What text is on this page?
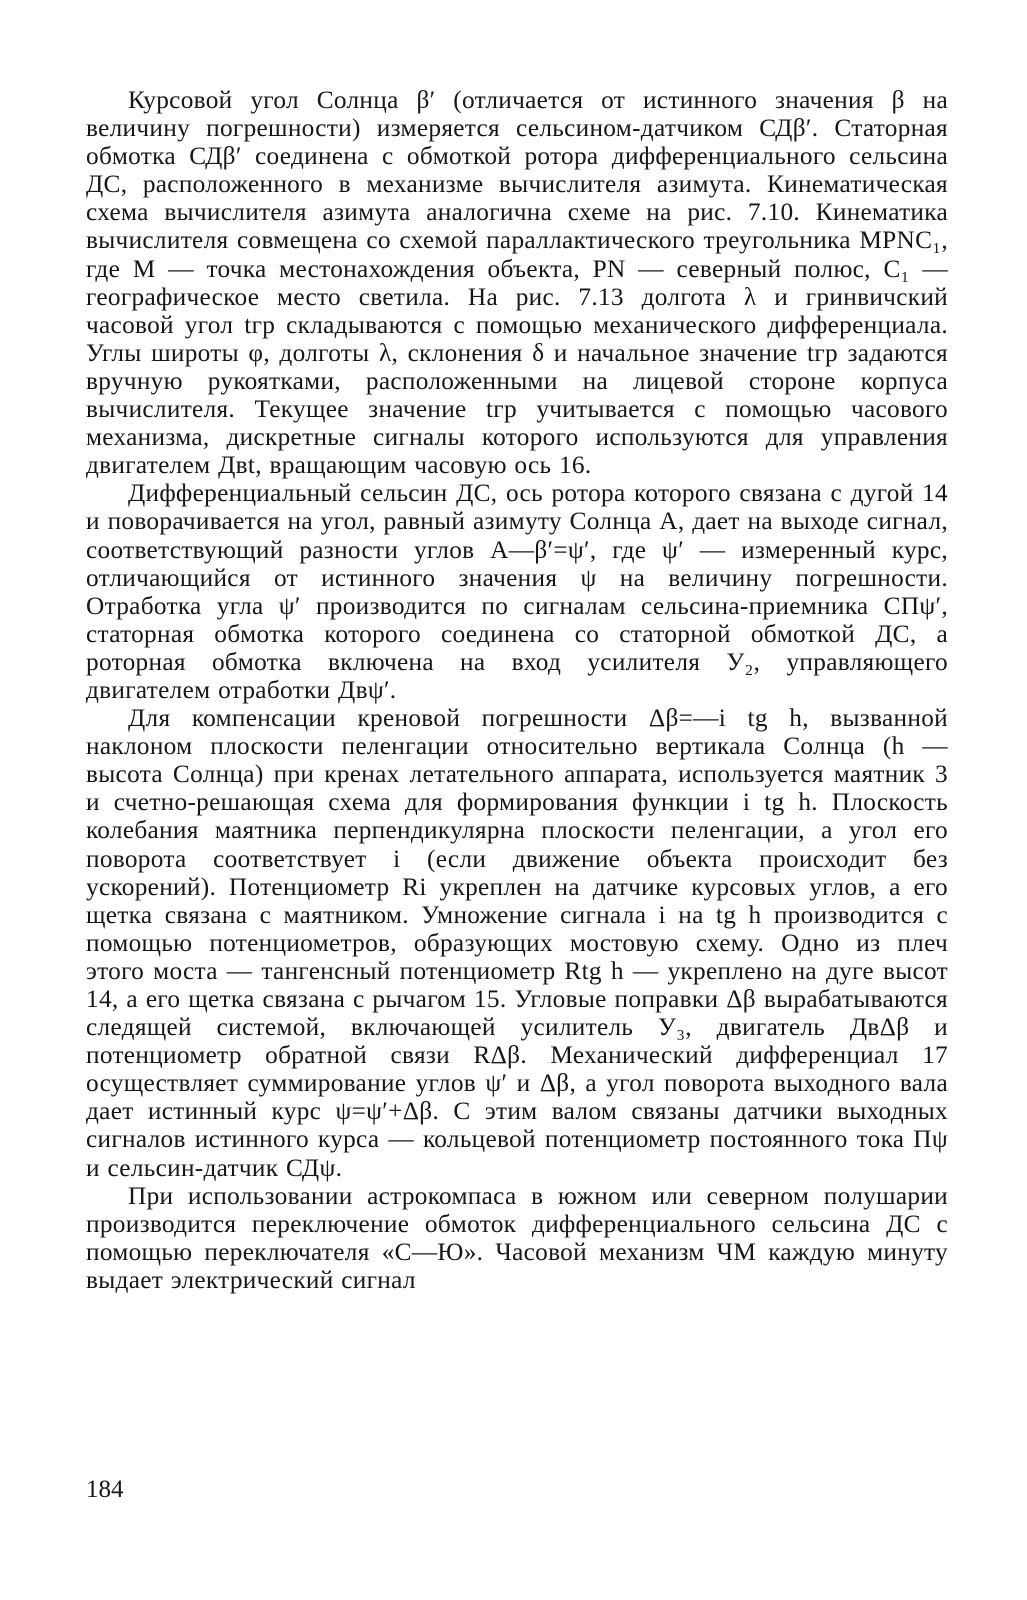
Курсовой угол Солнца β′ (отличается от истинного значения β на величину погрешности) измеряется сельсином-датчиком СДβ′. Статорная обмотка СДβ′ соединена с обмоткой ротора дифференциального сельсина ДС, расположенного в механизме вычислителя азимута. Кинематическая схема вычислителя азимута аналогична схеме на рис. 7.10. Кинематика вычислителя совмещена со схемой параллактического треугольника MPNC₁, где M — точка местонахождения объекта, PN — северный полюс, C₁ — географическое место светила. На рис. 7.13 долгота λ и гринвичский часовой угол tгр складываются с помощью механического дифференциала. Углы широты φ, долготы λ, склонения δ и начальное значение tгр задаются вручную рукоятками, расположенными на лицевой стороне корпуса вычислителя. Текущее значение tгр учитывается с помощью часового механизма, дискретные сигналы которого используются для управления двигателем Двt, вращающим часовую ось 16.

Дифференциальный сельсин ДС, ось ротора которого связана с дугой 14 и поворачивается на угол, равный азимуту Солнца A, дает на выходе сигнал, соответствующий разности углов A—β′=ψ′, где ψ′ — измеренный курс, отличающийся от истинного значения ψ на величину погрешности. Отработка угла ψ′ производится по сигналам сельсина-приемника СПψ′, статорная обмотка которого соединена со статорной обмоткой ДС, а роторная обмотка включена на вход усилителя У₂, управляющего двигателем отработки Двψ′.

Для компенсации креновой погрешности Δβ=—i tg h, вызванной наклоном плоскости пеленгации относительно вертикала Солнца (h — высота Солнца) при кренах летательного аппарата, используется маятник 3 и счетно-решающая схема для формирования функции i tg h. Плоскость колебания маятника перпендикулярна плоскости пеленгации, а угол его поворота соответствует i (если движение объекта происходит без ускорений). Потенциометр Ri укреплен на датчике курсовых углов, а его щетка связана с маятником. Умножение сигнала i на tg h производится с помощью потенциометров, образующих мостовую схему. Одно из плеч этого моста — тангенсный потенциометр Rtg h — укреплено на дуге высот 14, а его щетка связана с рычагом 15. Угловые поправки Δβ вырабатываются следящей системой, включающей усилитель У₃, двигатель ДвΔβ и потенциометр обратной связи RΔβ. Механический дифференциал 17 осуществляет суммирование углов ψ′ и Δβ, а угол поворота выходного вала дает истинный курс ψ=ψ′+Δβ. С этим валом связаны датчики выходных сигналов истинного курса — кольцевой потенциометр постоянного тока Пψ и сельсин-датчик СДψ.

При использовании астрокомпаса в южном или северном полушарии производится переключение обмоток дифференциального сельсина ДС с помощью переключателя «С—Ю». Часовой механизм ЧМ каждую минуту выдает электрический сигнал

184
